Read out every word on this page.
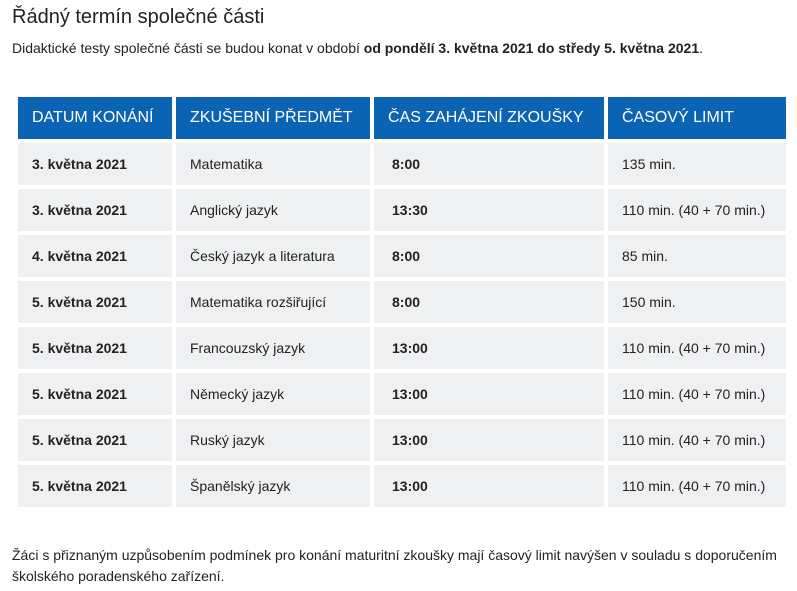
Řádný termín společné části

Didaktické testy společné části se budou konat v období od pondělí 3. května 2021 do středy 5. května 2021.

DATUM KONÁNÍ	ZKUŠEBNÍ PŘEDMĚT	ČAS ZAHÁJENÍ ZKOUŠKY	ČASOVÝ LIMIT
3. května 2021	Matematika	8:00	135 min.
3. května 2021	Anglický jazyk	13:30	110 min. (40 + 70 min.)
4. května 2021	Český jazyk a literatura	8:00	85 min.
5. května 2021	Matematika rozšiřující	8:00	150 min.
5. května 2021	Francouzský jazyk	13:00	110 min. (40 + 70 min.)
5. května 2021	Německý jazyk	13:00	110 min. (40 + 70 min.)
5. května 2021	Ruský jazyk	13:00	110 min. (40 + 70 min.)
5. května 2021	Španělský jazyk	13:00	110 min. (40 + 70 min.)

Žáci s přiznaným uzpůsobením podmínek pro konání maturitní zkoušky mají časový limit navýšen v souladu s doporučením školského poradenského zařízení.
